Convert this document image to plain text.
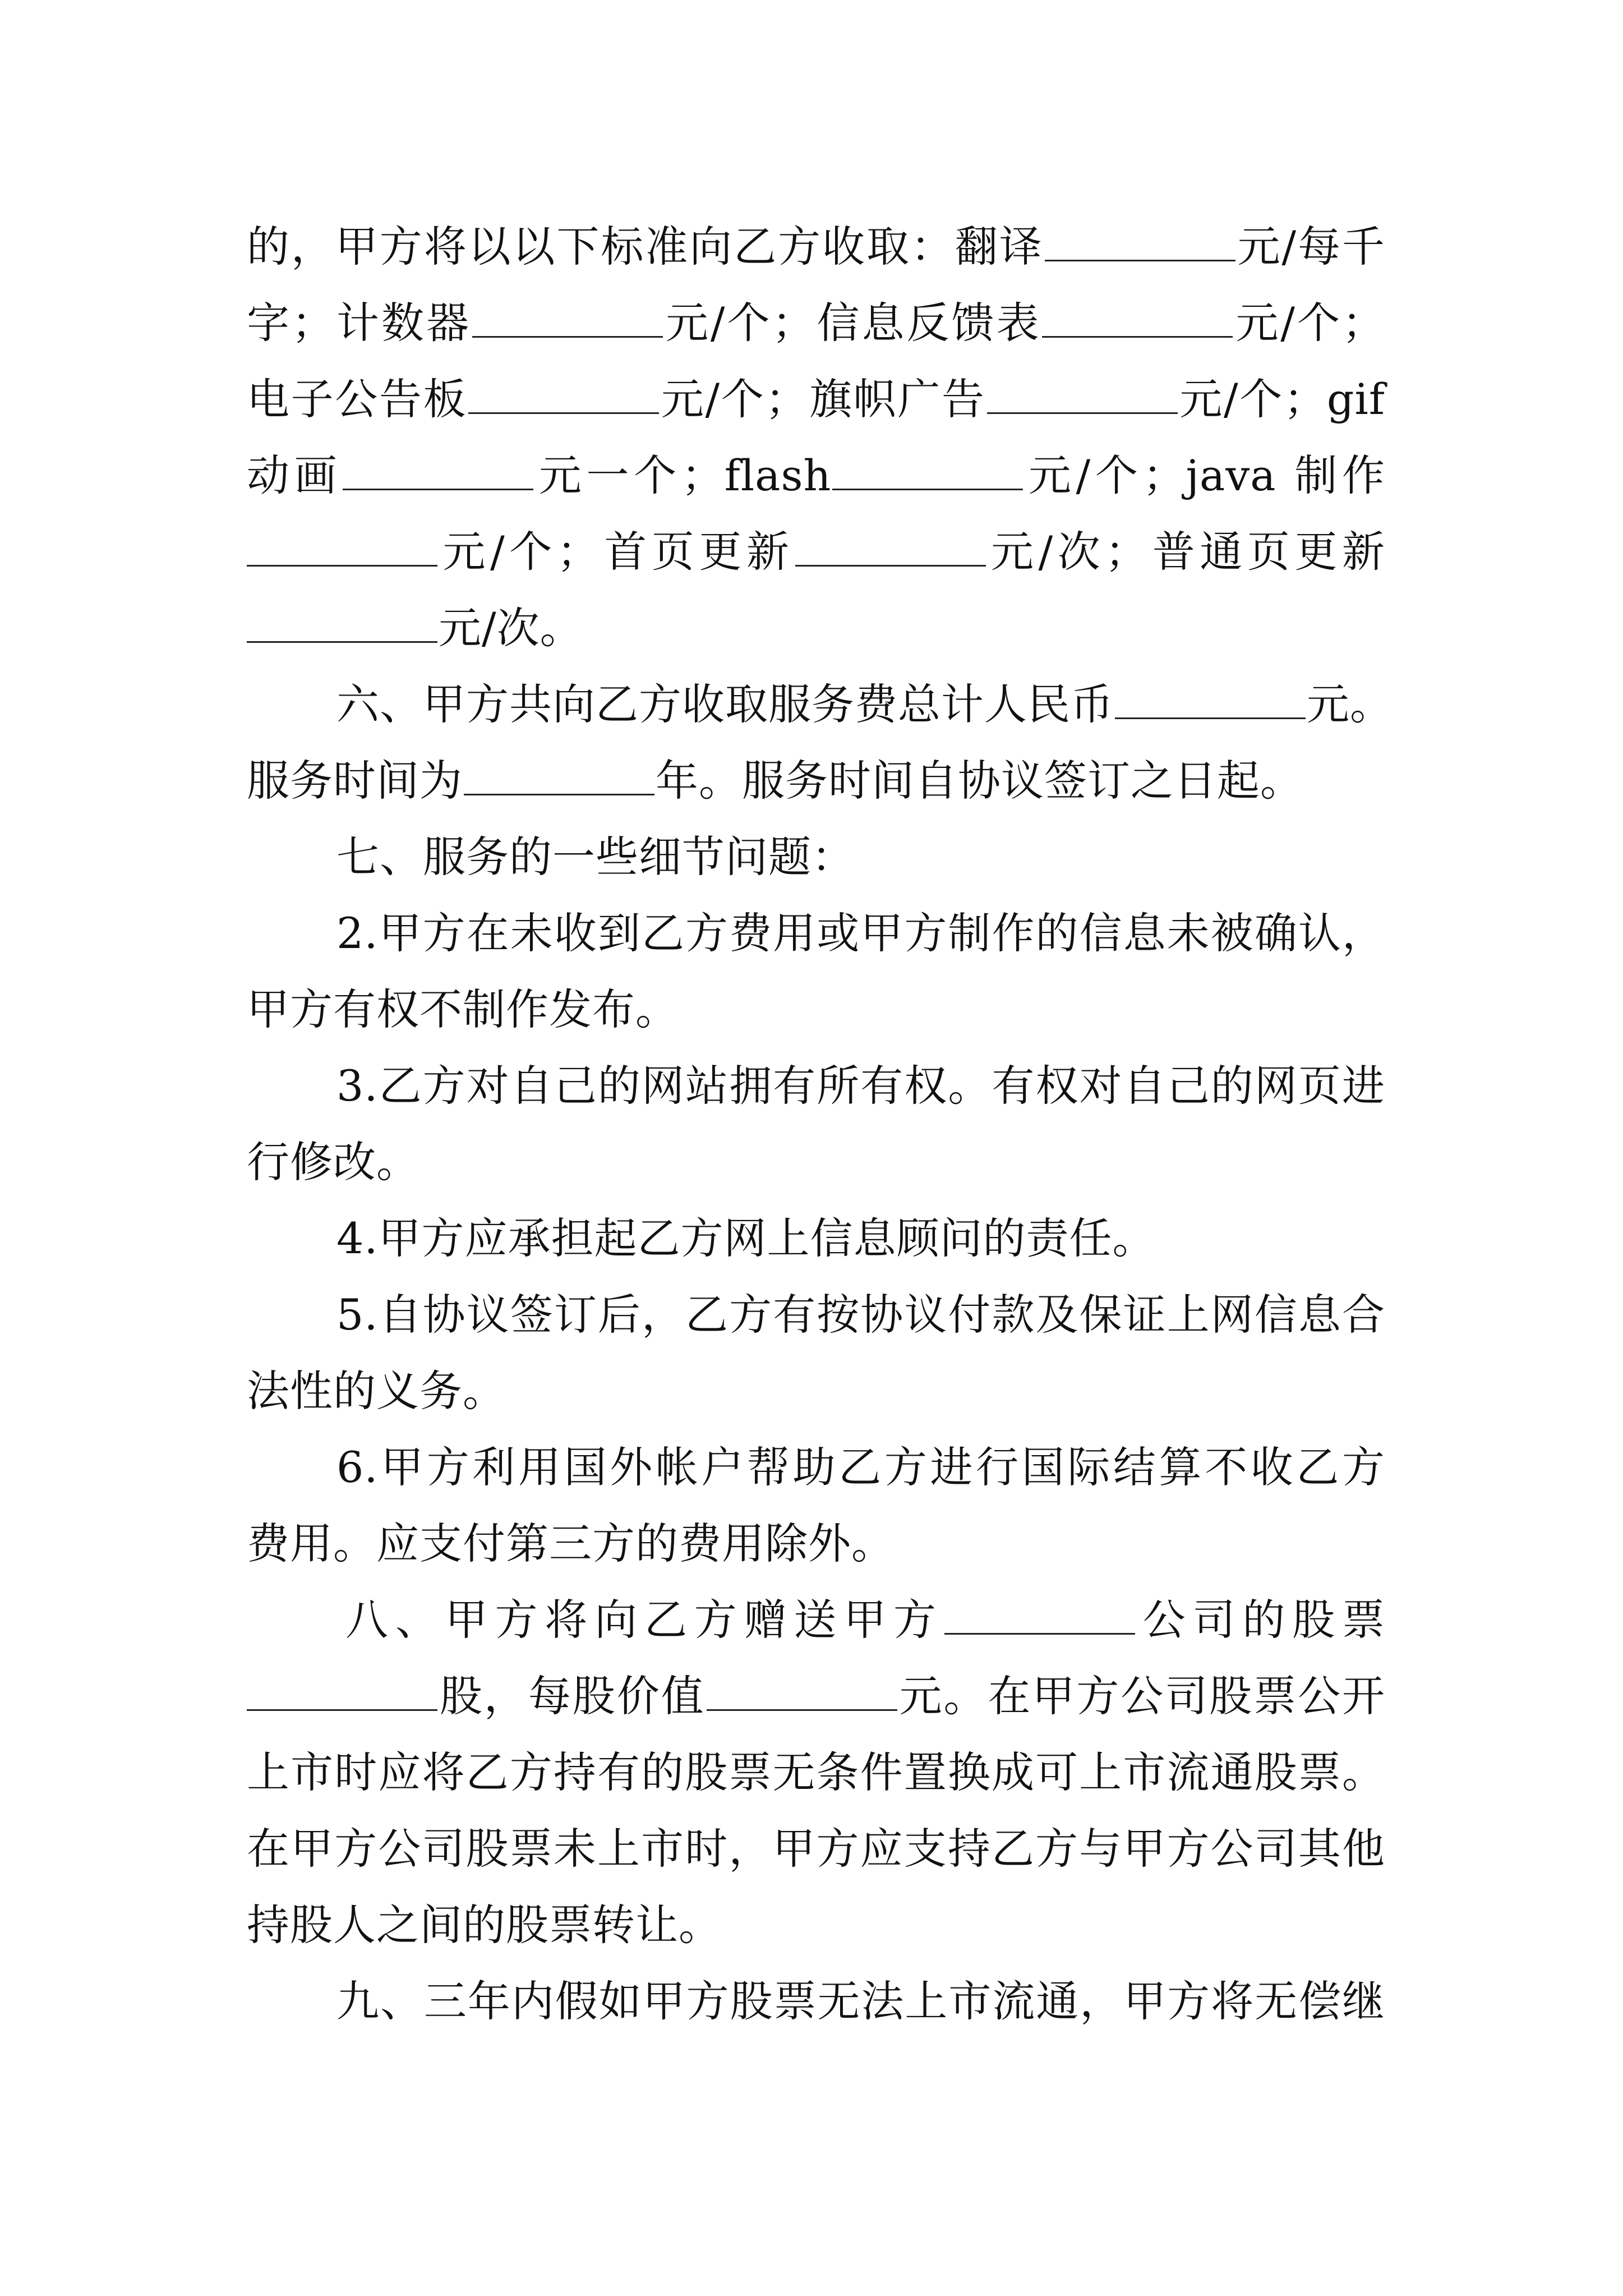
的，甲方将以以下标准向乙方收取：翻译	元/每千
字；计数器	元/个；信息反馈表	元/个；
电子公告板	元/个；旗帜广告	元/个；gif
动画	元一个；flash	元/个；java 制作
元/个；首页更新	元/次；普通页更新
元/次。
六、甲方共向乙方收取服务费总计人民币	元。
服务时间为	年。服务时间自协议签订之日起。
七、服务的一些细节问题：
2.甲方在未收到乙方费用或甲方制作的信息未被确认，
甲方有权不制作发布。
3.乙方对自己的网站拥有所有权。有权对自己的网页进
行修改。
4.甲方应承担起乙方网上信息顾问的责任。
5.自协议签订后，乙方有按协议付款及保证上网信息合
法性的义务。
6.甲方利用国外帐户帮助乙方进行国际结算不收乙方
费用。应支付第三方的费用除外。
八、甲方将向乙方赠送甲方	公司的股票
股，每股价值	元。在甲方公司股票公开
上市时应将乙方持有的股票无条件置换成可上市流通股票。
在甲方公司股票未上市时，甲方应支持乙方与甲方公司其他
持股人之间的股票转让。
九、三年内假如甲方股票无法上市流通，甲方将无偿继
